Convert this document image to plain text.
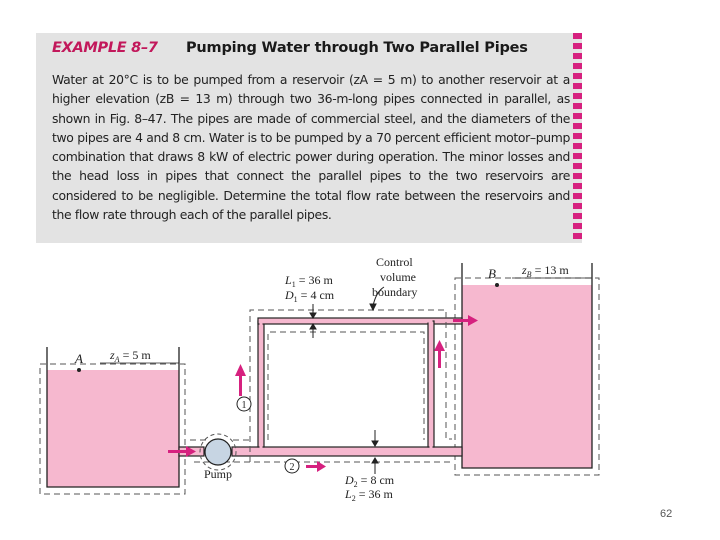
EXAMPLE 8–7 Pumping Water through Two Parallel Pipes
Water at 20°C is to be pumped from a reservoir (zA = 5 m) to another reservoir at a higher elevation (zB = 13 m) through two 36-m-long pipes connected in parallel, as shown in Fig. 8–47. The pipes are made of commercial steel, and the diameters of the two pipes are 4 and 8 cm. Water is to be pumped by a 70 percent efficient motor–pump combination that draws 8 kW of electric power during operation. The minor losses and the head loss in pipes that connect the parallel pipes to the two reservoirs are considered to be negligible. Determine the total flow rate between the reservoirs and the flow rate through each of the parallel pipes.
Pump
A $z_A = 5$ m
B $z_B = 13$ m
$L_1 = 36$ m
$D_1 = 4$ cm
1
2
$D_2 = 8$ cm
$L_2 = 36$ m
Control
volume
boundary
62
